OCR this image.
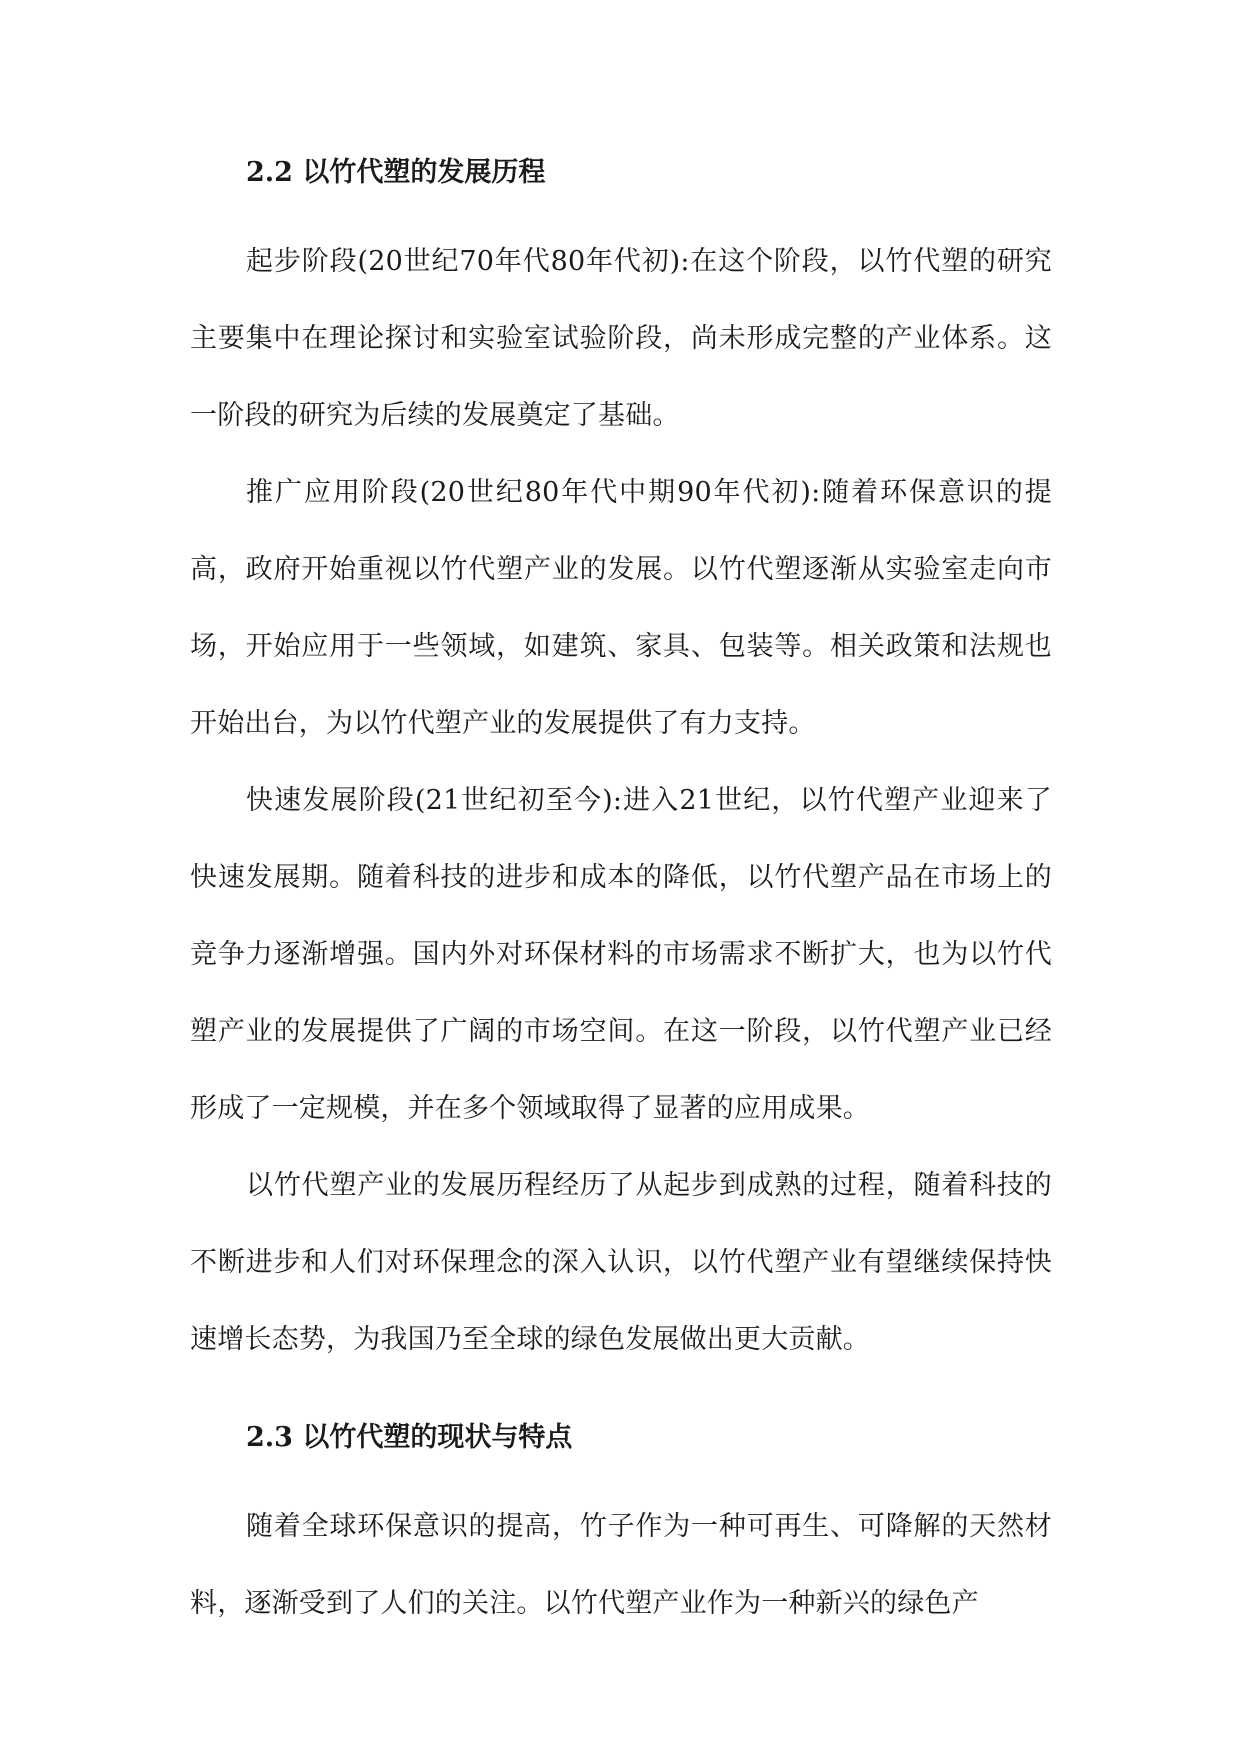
2.2 以竹代塑的发展历程

起步阶段(20世纪70年代80年代初):在这个阶段，以竹代塑的研究主要集中在理论探讨和实验室试验阶段，尚未形成完整的产业体系。这一阶段的研究为后续的发展奠定了基础。

推广应用阶段(20世纪80年代中期90年代初):随着环保意识的提高，政府开始重视以竹代塑产业的发展。以竹代塑逐渐从实验室走向市场，开始应用于一些领域，如建筑、家具、包装等。相关政策和法规也开始出台，为以竹代塑产业的发展提供了有力支持。

快速发展阶段(21世纪初至今):进入21世纪，以竹代塑产业迎来了快速发展期。随着科技的进步和成本的降低，以竹代塑产品在市场上的竞争力逐渐增强。国内外对环保材料的市场需求不断扩大，也为以竹代塑产业的发展提供了广阔的市场空间。在这一阶段，以竹代塑产业已经形成了一定规模，并在多个领域取得了显著的应用成果。

以竹代塑产业的发展历程经历了从起步到成熟的过程，随着科技的不断进步和人们对环保理念的深入认识，以竹代塑产业有望继续保持快速增长态势，为我国乃至全球的绿色发展做出更大贡献。

2.3 以竹代塑的现状与特点

随着全球环保意识的提高，竹子作为一种可再生、可降解的天然材料，逐渐受到了人们的关注。以竹代塑产业作为一种新兴的绿色产
